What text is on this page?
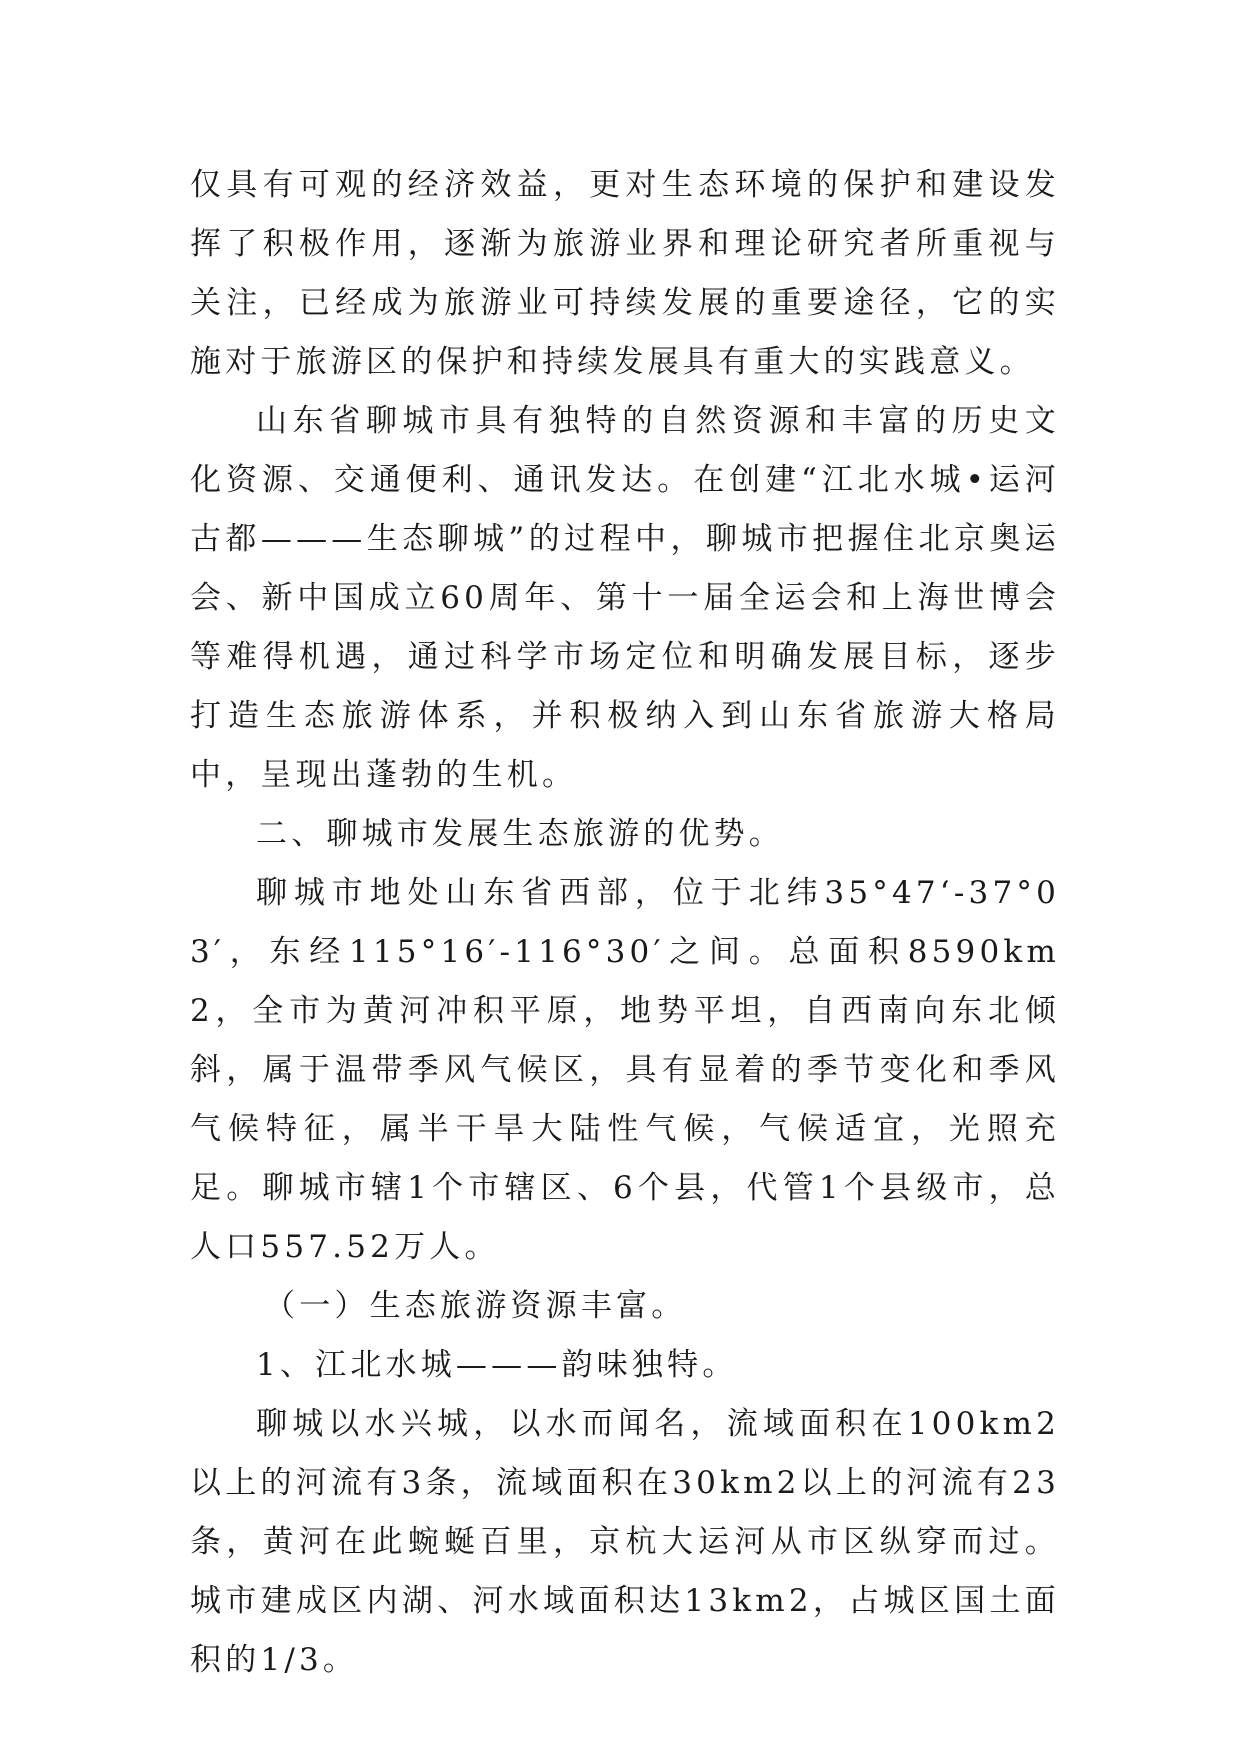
仅具有可观的经济效益，更对生态环境的保护和建设发挥了积极作用，逐渐为旅游业界和理论研究者所重视与关注，已经成为旅游业可持续发展的重要途径，它的实施对于旅游区的保护和持续发展具有重大的实践意义。

山东省聊城市具有独特的自然资源和丰富的历史文化资源、交通便利、通讯发达。在创建“江北水城•运河古都———生态聊城”的过程中，聊城市把握住北京奥运会、新中国成立60周年、第十一届全运会和上海世博会等难得机遇，通过科学市场定位和明确发展目标，逐步打造生态旅游体系，并积极纳入到山东省旅游大格局中，呈现出蓬勃的生机。

二、聊城市发展生态旅游的优势。

聊城市地处山东省西部，位于北纬35°47‘-37°03′，东经115°16′-116°30′之间。总面积8590km2，全市为黄河冲积平原，地势平坦，自西南向东北倾斜，属于温带季风气候区，具有显着的季节变化和季风气候特征，属半干旱大陆性气候，气候适宜，光照充足。聊城市辖1个市辖区、6个县，代管1个县级市，总人口557.52万人。

（一）生态旅游资源丰富。

1、江北水城———韵味独特。

聊城以水兴城，以水而闻名，流域面积在100km2以上的河流有3条，流域面积在30km2以上的河流有23条，黄河在此蜿蜒百里，京杭大运河从市区纵穿而过。城市建成区内湖、河水域面积达13km2，占城区国土面积的1/3。
